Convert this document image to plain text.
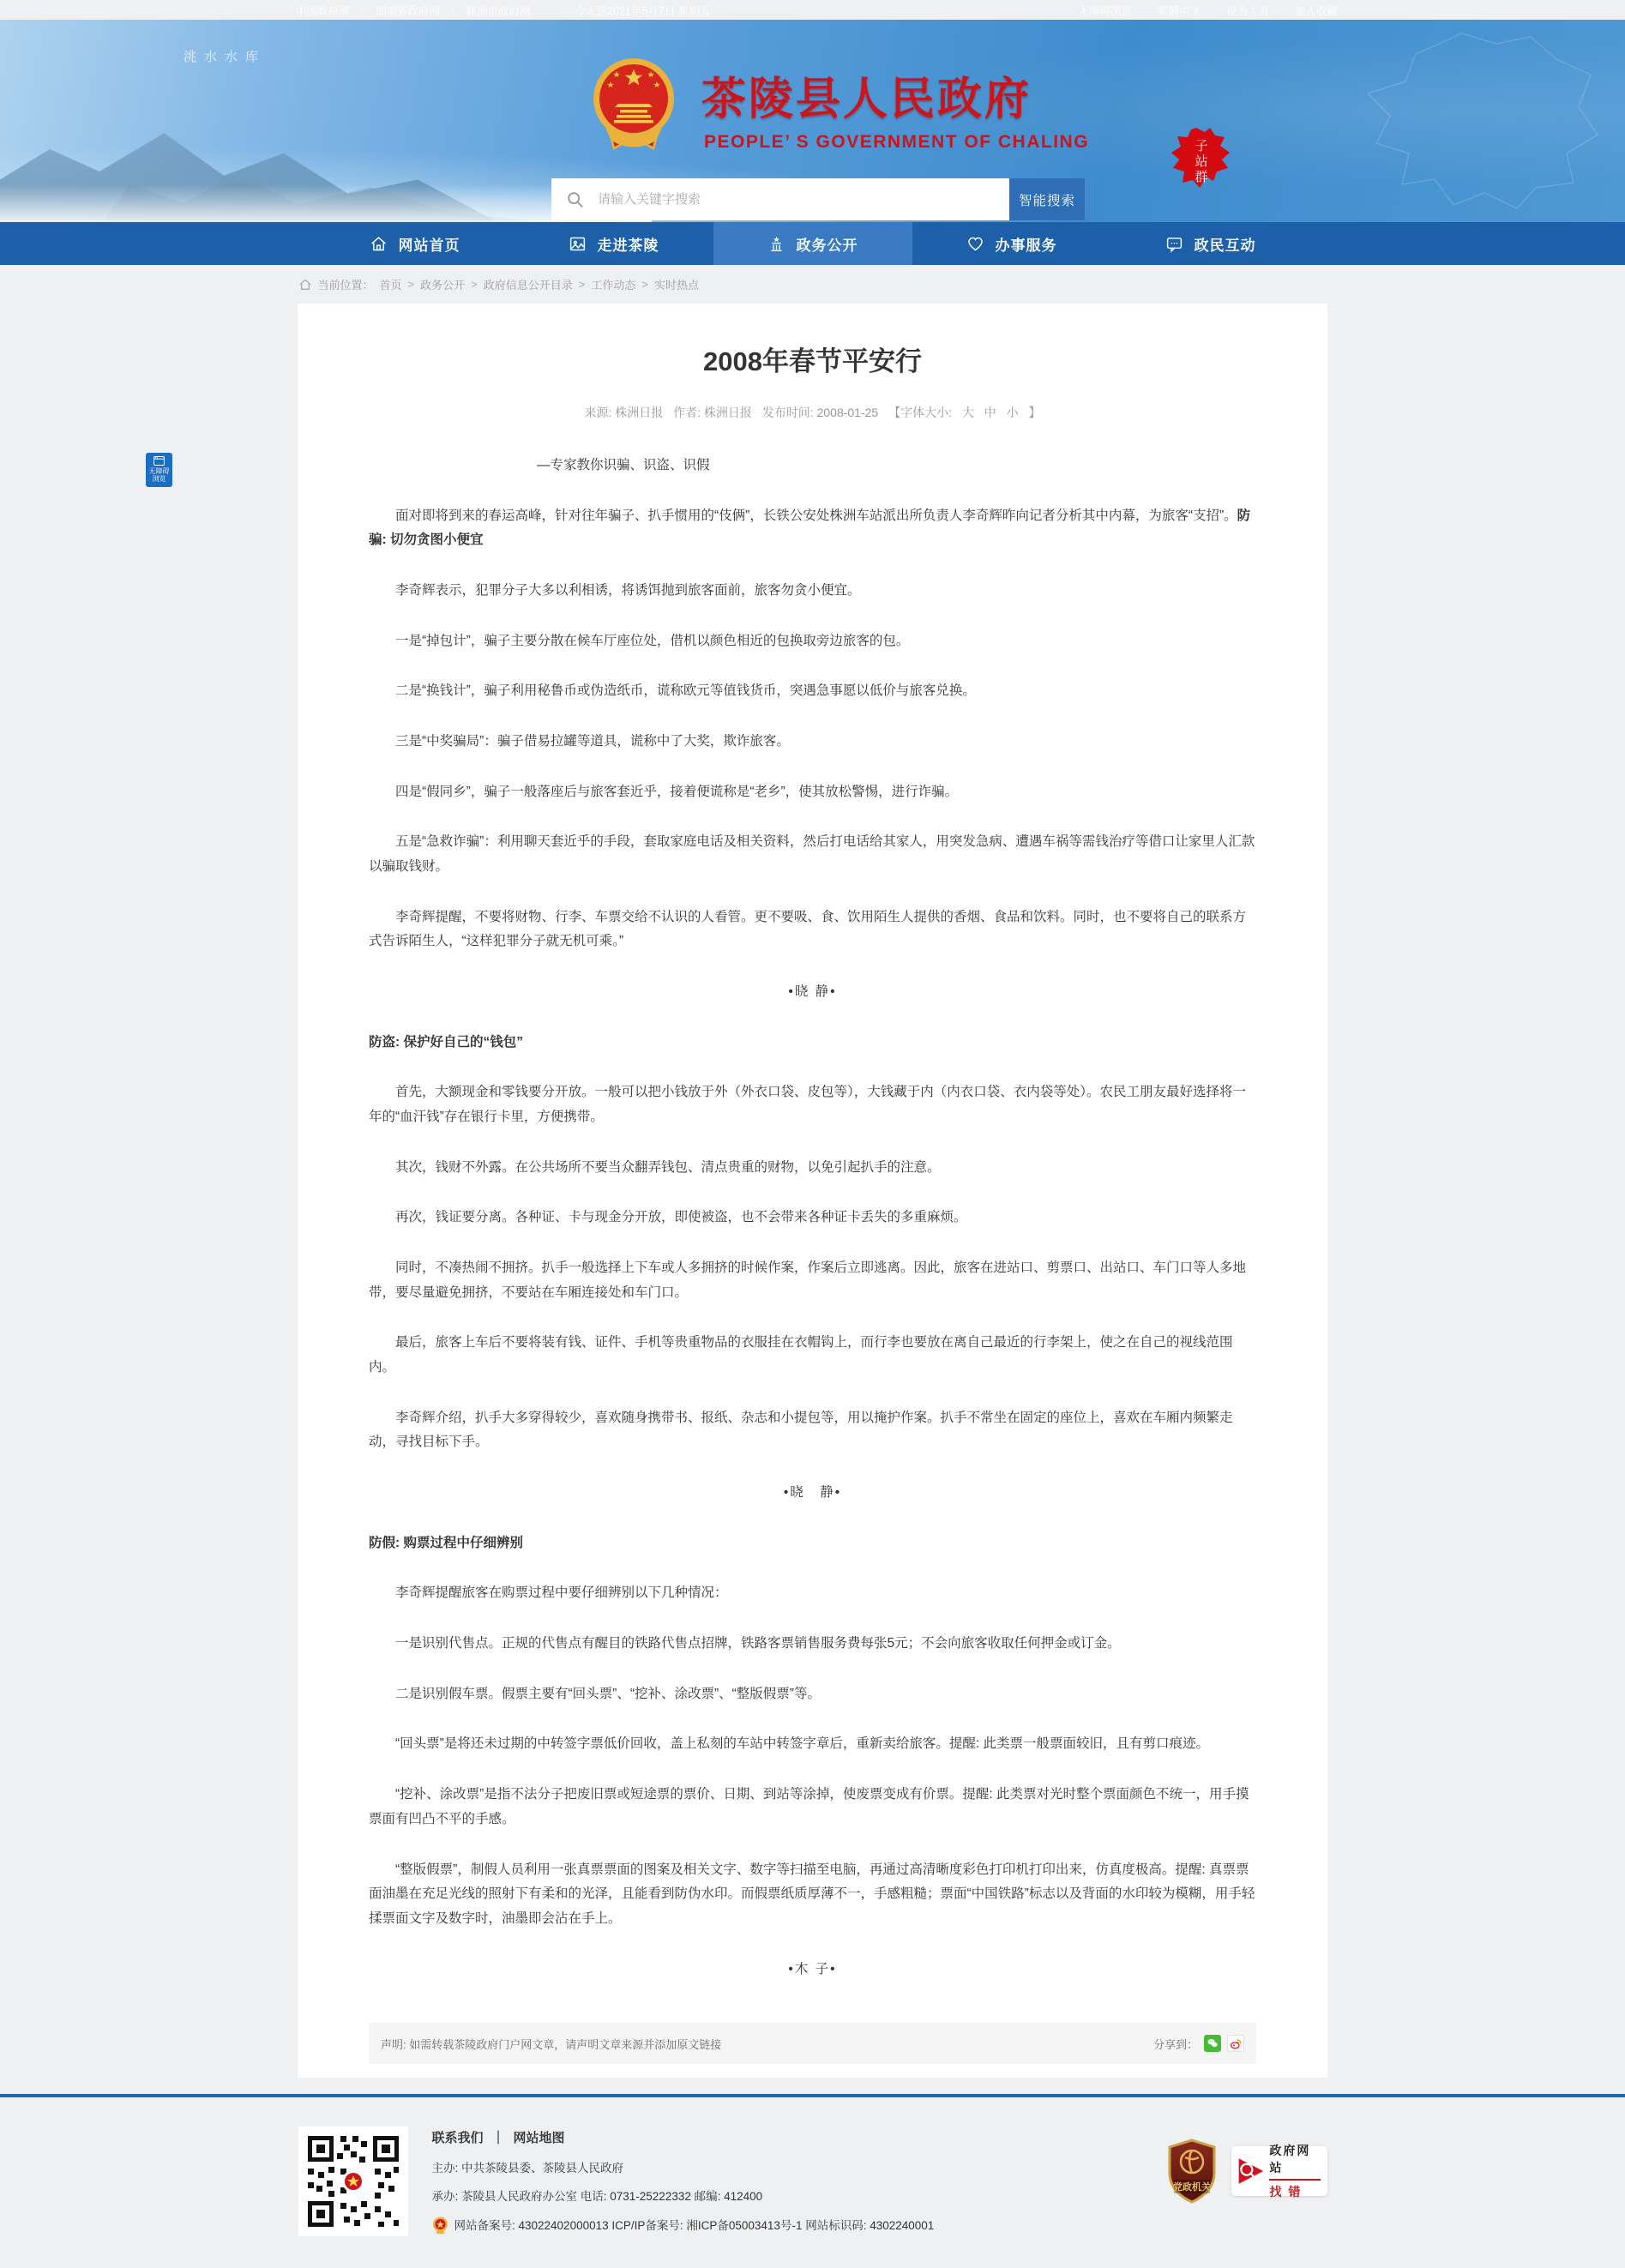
中国政府网 ｜ 湖南省政府网 ｜ 株洲市政府网	今天是2021年5月7日 星期五	无障碍浏览 繁體中文 设为主页 加入收藏
洮水水库
茶陵县人民政府
PEOPLE’ S GOVERNMENT OF CHALING
请输入关键字搜索
智能搜索
子
站
群
网站首页	走进茶陵	政务公开	办事服务	政民互动
当前位置： 首页 > 政务公开 > 政府信息公开目录 > 工作动态 > 实时热点
2008年春节平安行
来源: 株洲日报 作者: 株洲日报 发布时间: 2008-01-25 【字体大小: 大 中 小 】

—专家教你识骗、识盗、识假

面对即将到来的春运高峰，针对往年骗子、扒手惯用的“伎俩”，长铁公安处株洲车站派出所负责人李奇辉昨向记者分析其中内幕，为旅客“支招”。防骗: 切勿贪图小便宜

李奇辉表示，犯罪分子大多以利相诱，将诱饵抛到旅客面前，旅客勿贪小便宜。

一是“掉包计”，骗子主要分散在候车厅座位处，借机以颜色相近的包换取旁边旅客的包。

二是“换钱计”，骗子利用秘鲁币或伪造纸币，谎称欧元等值钱货币，突遇急事愿以低价与旅客兑换。

三是“中奖骗局”：骗子借易拉罐等道具，谎称中了大奖，欺诈旅客。

四是“假同乡”，骗子一般落座后与旅客套近乎，接着便谎称是“老乡”，使其放松警惕，进行诈骗。

五是“急救诈骗”：利用聊天套近乎的手段，套取家庭电话及相关资料，然后打电话给其家人，用突发急病、遭遇车祸等需钱治疗等借口让家里人汇款以骗取钱财。

李奇辉提醒，不要将财物、行李、车票交给不认识的人看管。更不要吸、食、饮用陌生人提供的香烟、食品和饮料。同时，也不要将自己的联系方式告诉陌生人，“这样犯罪分子就无机可乘。”

•晓 静•

防盗: 保护好自己的“钱包”

首先，大额现金和零钱要分开放。一般可以把小钱放于外（外衣口袋、皮包等），大钱藏于内（内衣口袋、衣内袋等处）。农民工朋友最好选择将一年的“血汗钱”存在银行卡里，方便携带。

其次，钱财不外露。在公共场所不要当众翻弄钱包、清点贵重的财物，以免引起扒手的注意。

再次，钱证要分离。各种证、卡与现金分开放，即使被盗，也不会带来各种证卡丢失的多重麻烦。

同时，不凑热闹不拥挤。扒手一般选择上下车或人多拥挤的时候作案，作案后立即逃离。因此，旅客在进站口、剪票口、出站口、车门口等人多地带，要尽量避免拥挤，不要站在车厢连接处和车门口。

最后，旅客上车后不要将装有钱、证件、手机等贵重物品的衣服挂在衣帽钩上，而行李也要放在离自己最近的行李架上，使之在自己的视线范围内。

李奇辉介绍，扒手大多穿得较少，喜欢随身携带书、报纸、杂志和小提包等，用以掩护作案。扒手不常坐在固定的座位上，喜欢在车厢内频繁走动，寻找目标下手。

•晓　静•

防假: 购票过程中仔细辨别

李奇辉提醒旅客在购票过程中要仔细辨别以下几种情况：

一是识别代售点。正规的代售点有醒目的铁路代售点招牌，铁路客票销售服务费每张5元；不会向旅客收取任何押金或订金。

二是识别假车票。假票主要有“回头票”、“挖补、涂改票”、“整版假票”等。

“回头票”是将还未过期的中转签字票低价回收，盖上私刻的车站中转签字章后，重新卖给旅客。提醒: 此类票一般票面较旧，且有剪口痕迹。

“挖补、涂改票”是指不法分子把废旧票或短途票的票价、日期、到站等涂掉，使废票变成有价票。提醒: 此类票对光时整个票面颜色不统一，用手摸票面有凹凸不平的手感。

“整版假票”，制假人员利用一张真票票面的图案及相关文字、数字等扫描至电脑，再通过高清晰度彩色打印机打印出来，仿真度极高。提醒: 真票票面油墨在充足光线的照射下有柔和的光泽，且能看到防伪水印。而假票纸质厚薄不一，手感粗糙；票面“中国铁路”标志以及背面的水印较为模糊，用手轻揉票面文字及数字时，油墨即会沾在手上。

•木 子•

声明: 如需转载茶陵政府门户网文章，请声明文章来源并添加原文链接	分享到：
无障碍
浏览
联系我们 ｜ 网站地图
主办: 中共茶陵县委、茶陵县人民政府
承办: 茶陵县人民政府办公室 电话: 0731-25222332 邮编: 412400
网站备案号: 43022402000013 ICP/IP备案号: 湘ICP备05003413号-1 网站标识码: 4302240001
党政机关
政府网站
找错
